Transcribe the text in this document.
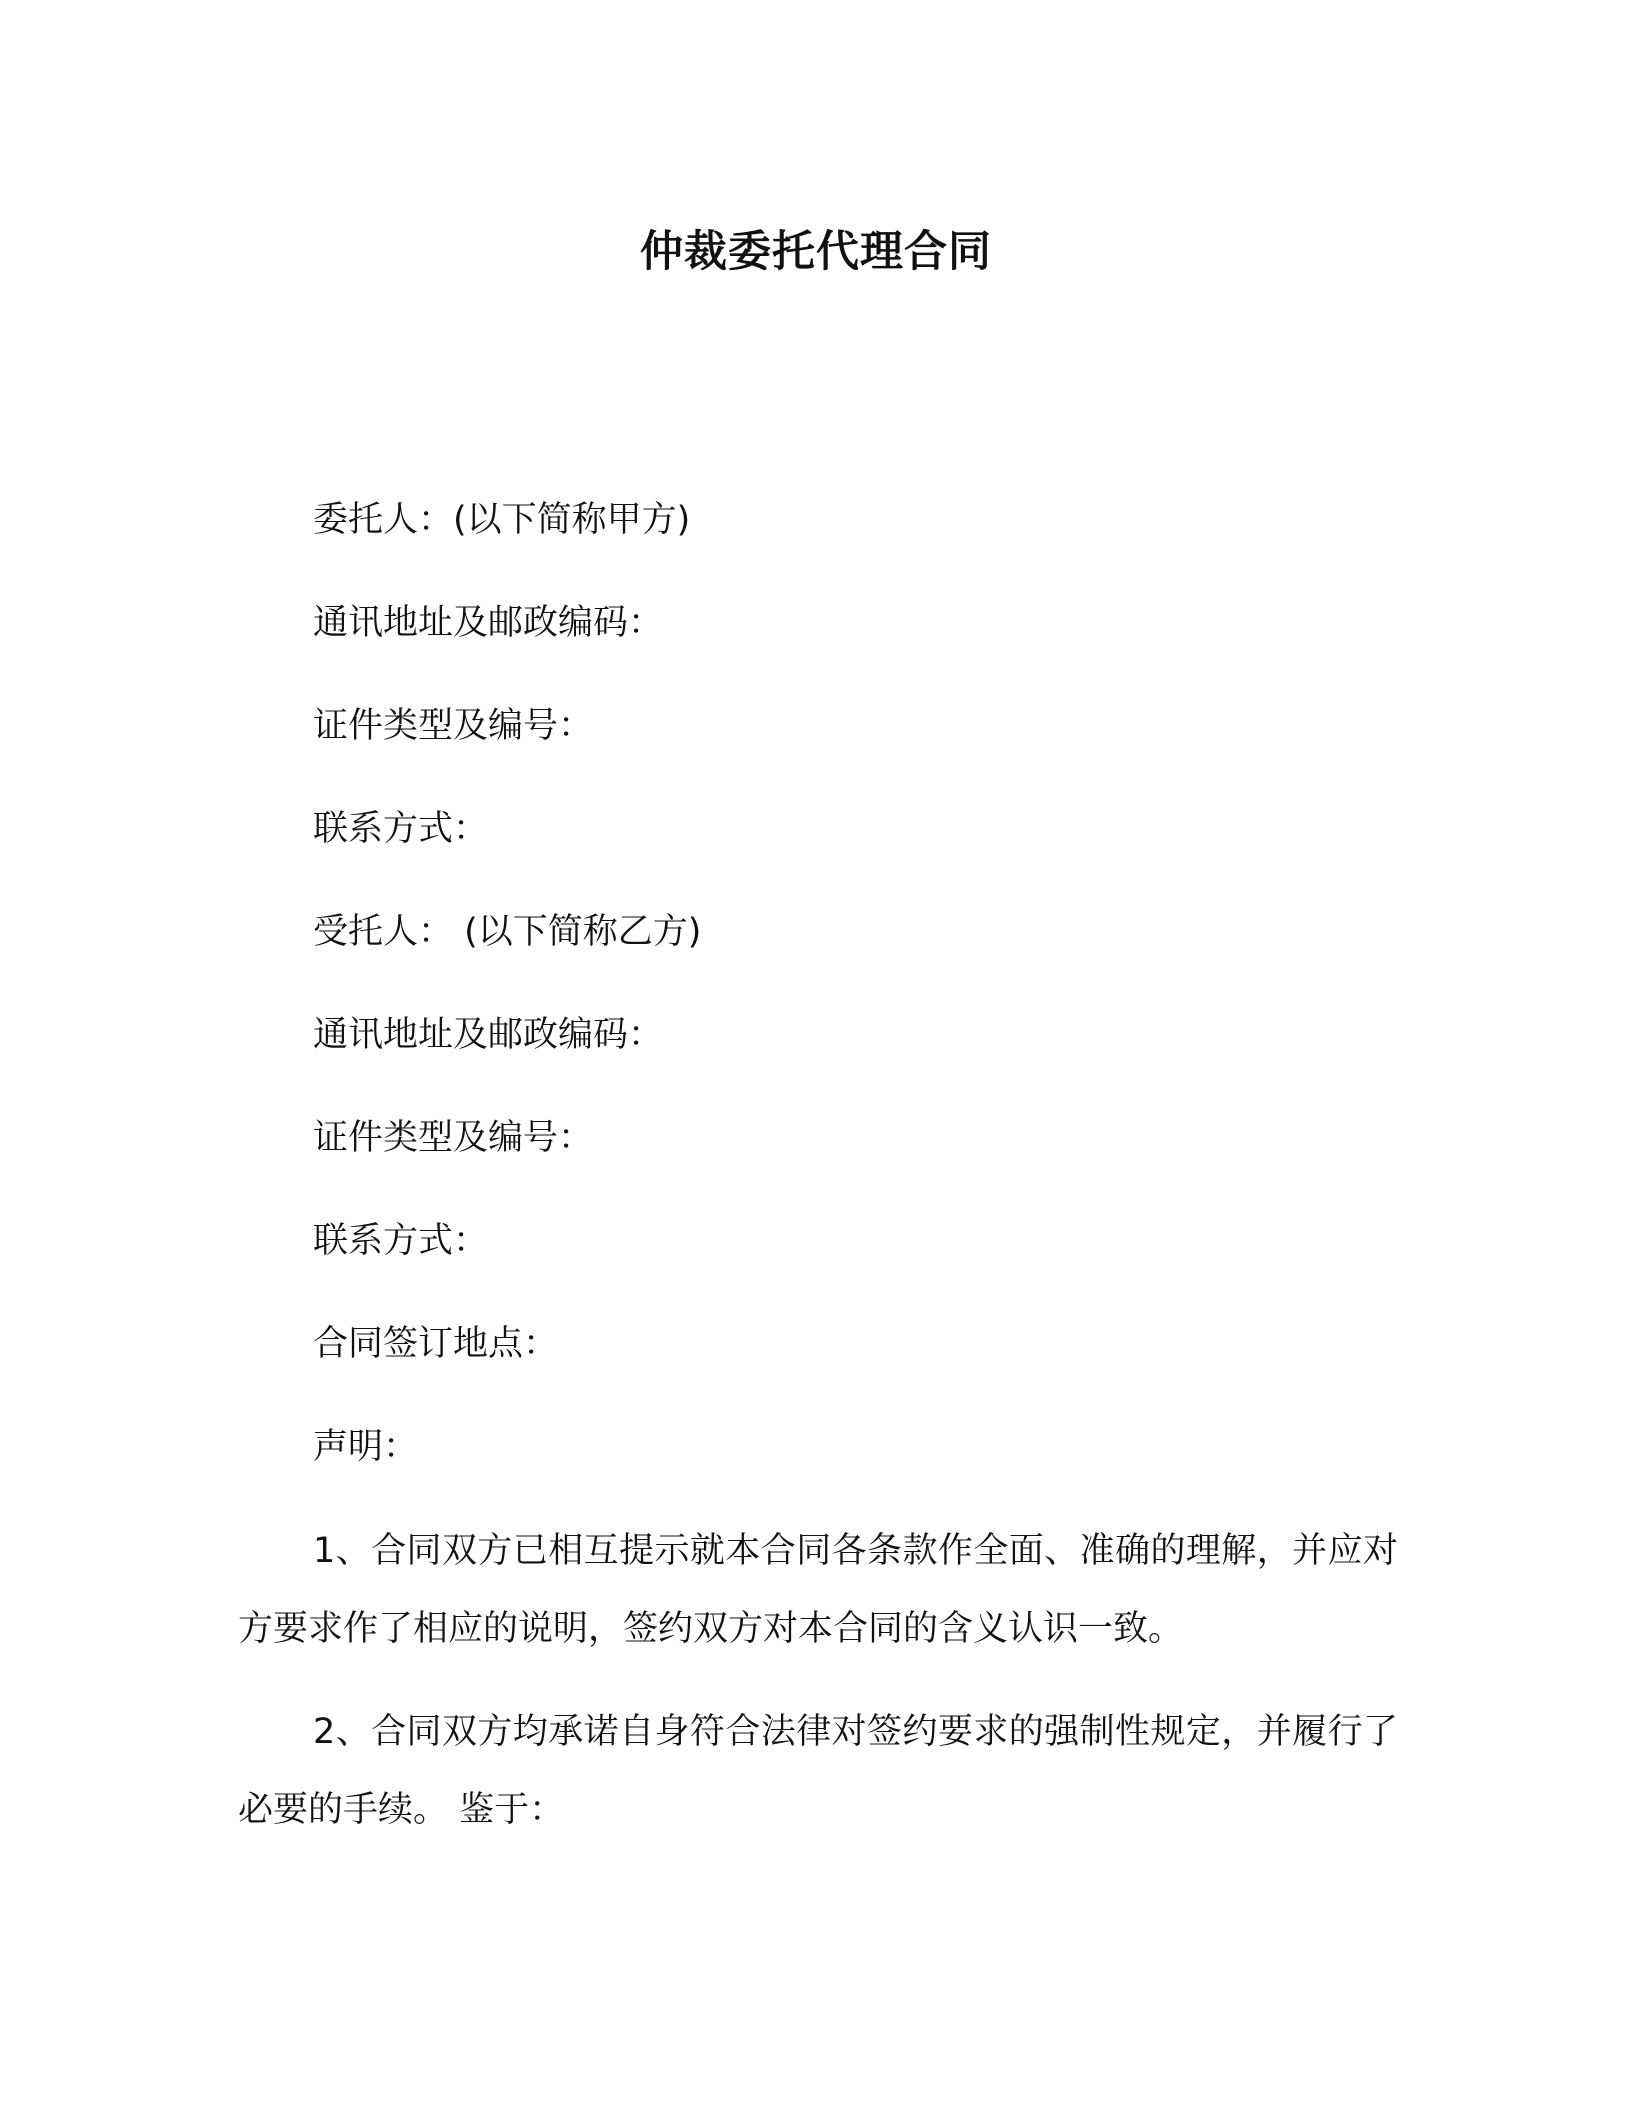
仲裁委托代理合同

委托人：(以下简称甲方)

通讯地址及邮政编码：

证件类型及编号：

联系方式：

受托人： (以下简称乙方)

通讯地址及邮政编码：

证件类型及编号：

联系方式：

合同签订地点：

声明：

1、合同双方已相互提示就本合同各条款作全面、准确的理解，并应对方要求作了相应的说明，签约双方对本合同的含义认识一致。

2、合同双方均承诺自身符合法律对签约要求的强制性规定，并履行了必要的手续。 鉴于：
